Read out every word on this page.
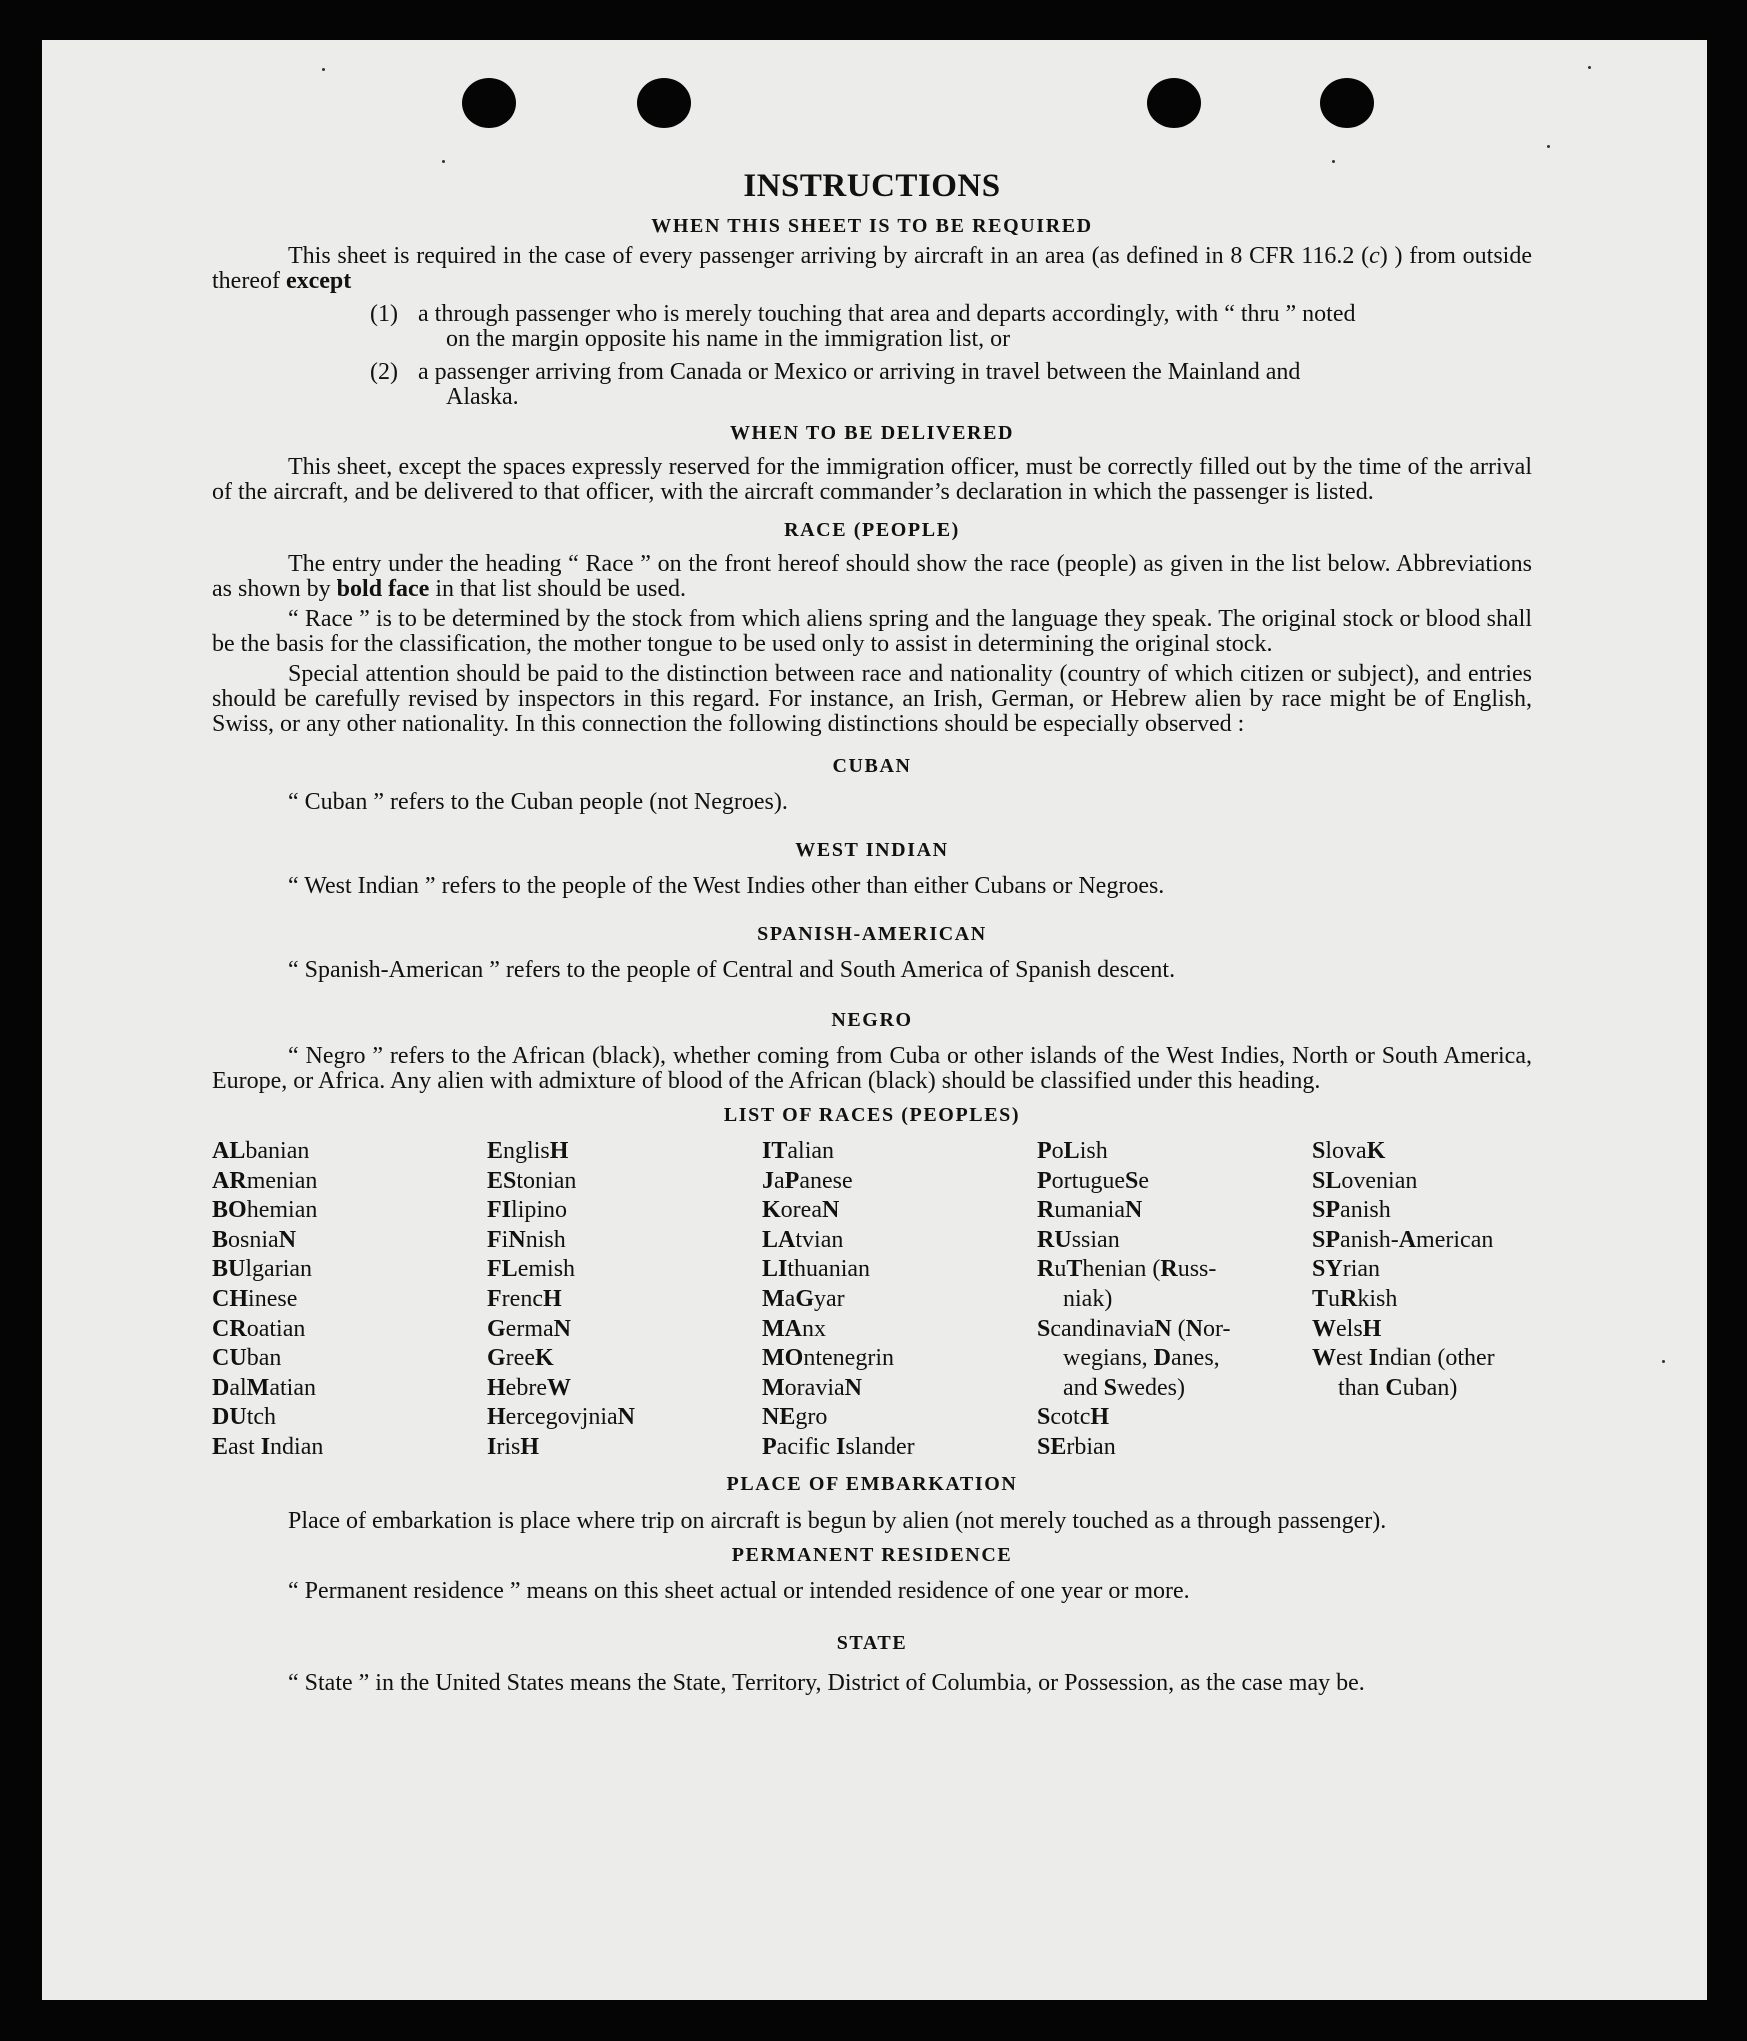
INSTRUCTIONS
WHEN THIS SHEET IS TO BE REQUIRED

This sheet is required in the case of every passenger arriving by aircraft in an area (as defined in 8 CFR 116.2 (c) ) from outside thereof except

(1) a through passenger who is merely touching that area and departs accordingly, with “ thru ” noted
on the margin opposite his name in the immigration list, or
(2) a passenger arriving from Canada or Mexico or arriving in travel between the Mainland and
Alaska.
WHEN TO BE DELIVERED

This sheet, except the spaces expressly reserved for the immigration officer, must be correctly filled out by the time of the arrival of the aircraft, and be delivered to that officer, with the aircraft commander’s declaration in which the passenger is listed.

RACE (PEOPLE)

The entry under the heading “ Race ” on the front hereof should show the race (people) as given in the list below. Abbreviations as shown by bold face in that list should be used.

“ Race ” is to be determined by the stock from which aliens spring and the language they speak. The original stock or blood shall be the basis for the classification, the mother tongue to be used only to assist in determining the original stock.

Special attention should be paid to the distinction between race and nationality (country of which citizen or subject), and entries should be carefully revised by inspectors in this regard. For instance, an Irish, German, or Hebrew alien by race might be of English, Swiss, or any other nationality. In this connection the following distinctions should be especially observed :

CUBAN

“ Cuban ” refers to the Cuban people (not Negroes).

WEST INDIAN

“ West Indian ” refers to the people of the West Indies other than either Cubans or Negroes.

SPANISH-AMERICAN

“ Spanish-American ” refers to the people of Central and South America of Spanish descent.

NEGRO

“ Negro ” refers to the African (black), whether coming from Cuba or other islands of the West Indies, North or South America, Europe, or Africa. Any alien with admixture of blood of the African (black) should be classified under this heading.

LIST OF RACES (PEOPLES)
ALbanian
ARmenian
BOhemian
BosniaN
BUlgarian
CHinese
CRoatian
CUban
DalMatian
DUtch
East Indian
EnglisH
EStonian
FIlipino
FiNnish
FLemish
FrencH
GermaN
GreeK
HebreW
HercegovjniaN
IrisH
ITalian
JaPanese
KoreaN
LAtvian
LIthuanian
MaGyar
MAnx
MOntenegrin
MoraviaN
NEgro
Pacific Islander
PoLish
PortugueSe
RumaniaN
RUssian
RuThenian (Russ-
niak)
ScandinaviaN (Nor-
wegians, Danes,
and Swedes)
ScotcH
SErbian
SlovaK
SLovenian
SPanish
SPanish-American
SYrian
TuRkish
WelsH
West Indian (other
than Cuban)
PLACE OF EMBARKATION

Place of embarkation is place where trip on aircraft is begun by alien (not merely touched as a through passenger).

PERMANENT RESIDENCE

“ Permanent residence ” means on this sheet actual or intended residence of one year or more.

STATE

“ State ” in the United States means the State, Territory, District of Columbia, or Possession, as the case may be.
